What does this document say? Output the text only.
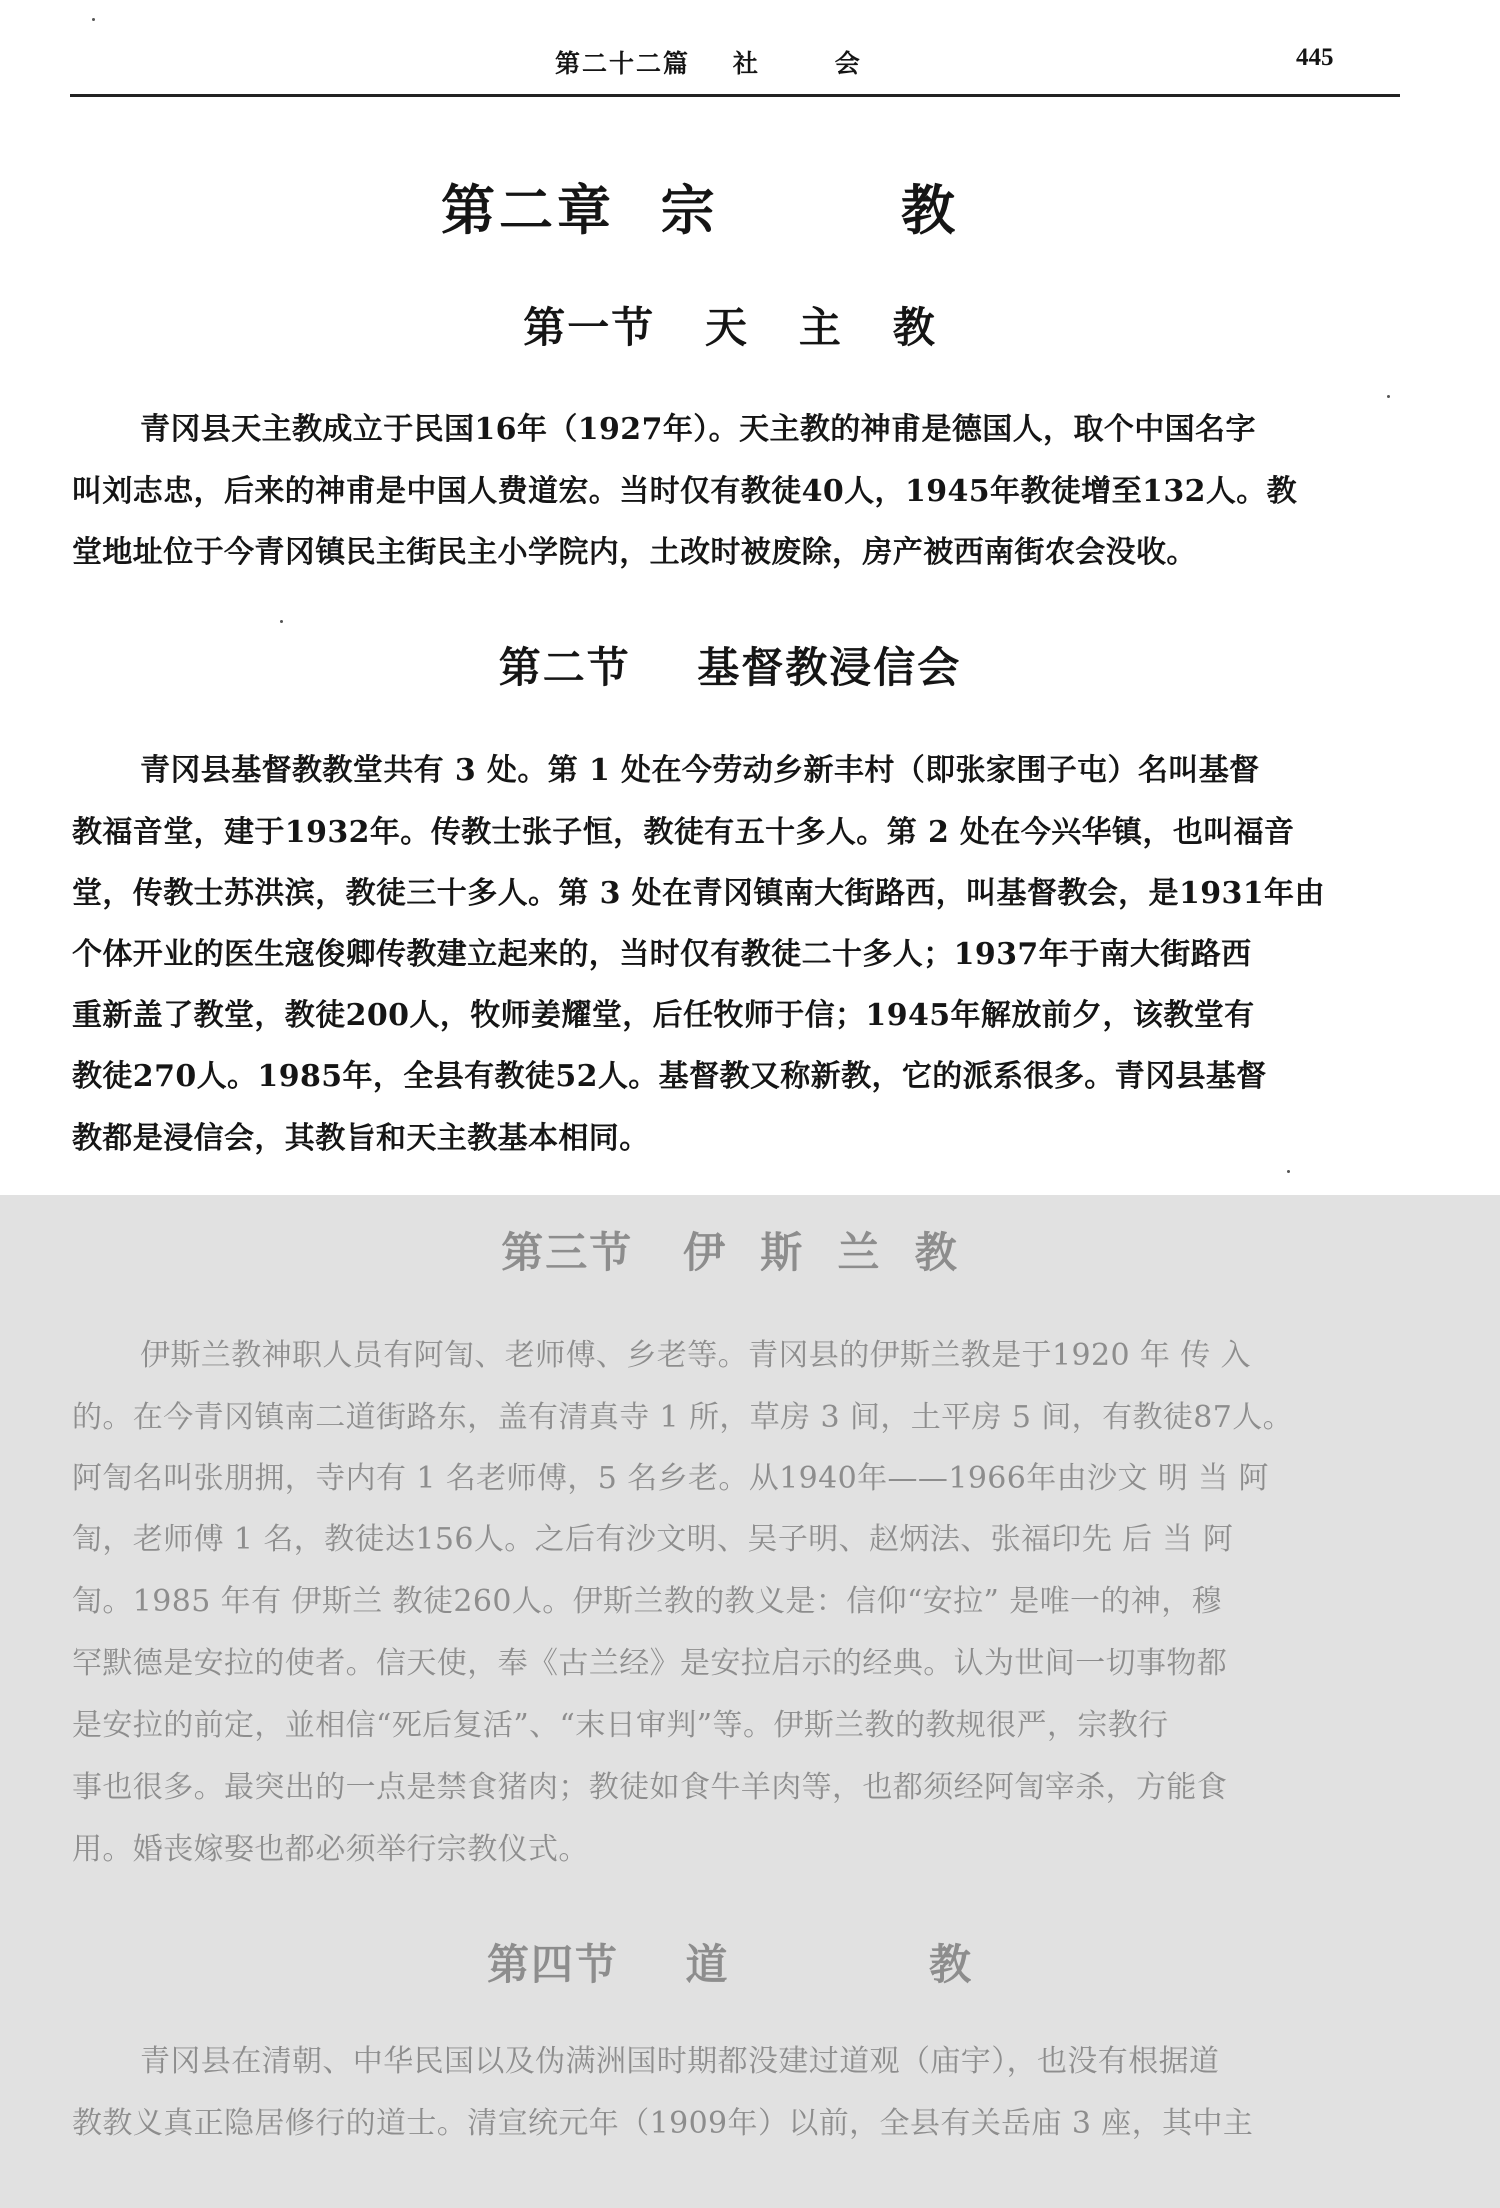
第二十二篇    社       会	445
第二章  宗        教
第一节   天   主   教
青冈县天主教成立于民国16年（1927年）。天主教的神甫是德国人，取个中国名字
叫刘志忠，后来的神甫是中国人费道宏。当时仅有教徒40人，1945年教徒增至132人。教
堂地址位于今青冈镇民主街民主小学院内，土改时被废除，房产被西南街农会没收。
第二节    基督教浸信会
青冈县基督教教堂共有 3 处。第 1 处在今劳动乡新丰村（即张家围子屯）名叫基督
教福音堂，建于1932年。传教士张子恒，教徒有五十多人。第 2 处在今兴华镇，也叫福音
堂，传教士苏洪滨，教徒三十多人。第 3 处在青冈镇南大街路西，叫基督教会，是1931年由
个体开业的医生寇俊卿传教建立起来的，当时仅有教徒二十多人；1937年于南大街路西
重新盖了教堂，教徒200人，牧师姜耀堂，后任牧师于信；1945年解放前夕，该教堂有
教徒270人。1985年，全县有教徒52人。基督教又称新教，它的派系很多。青冈县基督
教都是浸信会，其教旨和天主教基本相同。
第三节   伊  斯  兰  教
伊斯兰教神职人员有阿訇、老师傅、乡老等。青冈县的伊斯兰教是于1920 年 传 入
的。在今青冈镇南二道街路东，盖有清真寺 1 所，草房 3 间，土平房 5 间，有教徒87人。
阿訇名叫张朋拥，寺内有 1 名老师傅，5 名乡老。从1940年——1966年由沙文 明 当 阿
訇，老师傅 1 名，教徒达156人。之后有沙文明、吴子明、赵炳法、张福印先 后 当 阿
訇。1985 年有 伊斯兰 教徒260人。伊斯兰教的教义是：信仰“安拉” 是唯一的神，穆
罕默德是安拉的使者。信天使，奉《古兰经》是安拉启示的经典。认为世间一切事物都
是安拉的前定，並相信“死后复活”、“末日审判”等。伊斯兰教的教规很严，宗教行
事也很多。最突出的一点是禁食猪肉；教徒如食牛羊肉等，也都须经阿訇宰杀，方能食
用。婚丧嫁娶也都必须举行宗教仪式。
第四节    道            教
青冈县在清朝、中华民国以及伪满洲国时期都没建过道观（庙宇），也没有根据道
教教义真正隐居修行的道士。清宣统元年（1909年）以前，全县有关岳庙 3 座，其中主
